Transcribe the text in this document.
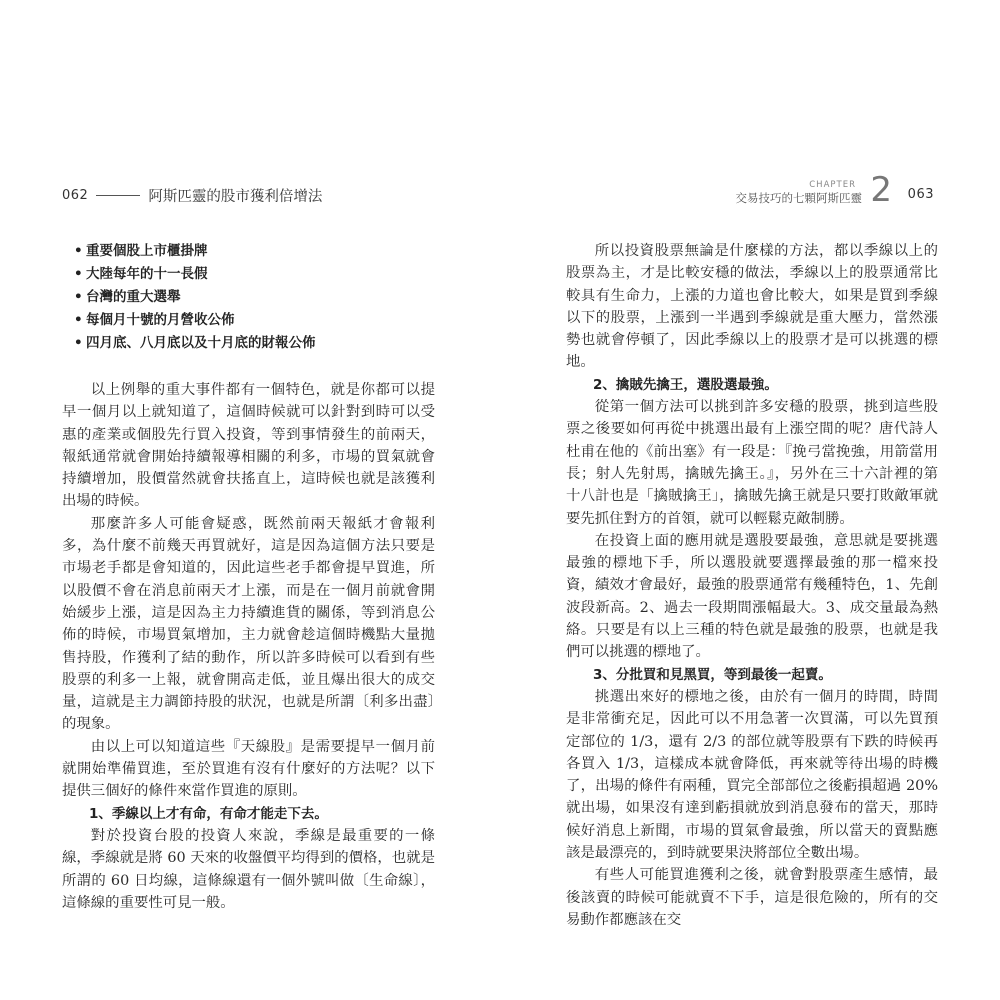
062	阿斯匹靈的股市獲利倍增法
CHAPTER
交易技巧的七顆阿斯匹靈 2 063
• 重要個股上市櫃掛牌
• 大陸每年的十一長假
• 台灣的重大選舉
• 每個月十號的月營收公佈
• 四月底、八月底以及十月底的財報公佈

以上例舉的重大事件都有一個特色，就是你都可以提早一個月以上就知道了，這個時候就可以針對到時可以受惠的產業或個股先行買入投資，等到事情發生的前兩天，報紙通常就會開始持續報導相關的利多，市場的買氣就會持續增加，股價當然就會扶搖直上，這時候也就是該獲利出場的時候。

那麼許多人可能會疑惑，既然前兩天報紙才會報利多，為什麼不前幾天再買就好，這是因為這個方法只要是市場老手都是會知道的，因此這些老手都會提早買進，所以股價不會在消息前兩天才上漲，而是在一個月前就會開始緩步上漲，這是因為主力持續進貨的關係，等到消息公佈的時候，市場買氣增加，主力就會趁這個時機點大量拋售持股，作獲利了結的動作，所以許多時候可以看到有些股票的利多一上報，就會開高走低，並且爆出很大的成交量，這就是主力調節持股的狀況，也就是所謂〔利多出盡〕的現象。

由以上可以知道這些『天線股』是需要提早一個月前就開始準備買進，至於買進有沒有什麼好的方法呢？以下提供三個好的條件來當作買進的原則。

1、季線以上才有命，有命才能走下去。

對於投資台股的投資人來說，季線是最重要的一條線，季線就是將 60 天來的收盤價平均得到的價格，也就是所謂的 60 日均線，這條線還有一個外號叫做〔生命線〕，這條線的重要性可見一般。

所以投資股票無論是什麼樣的方法，都以季線以上的股票為主，才是比較安穩的做法，季線以上的股票通常比較具有生命力，上漲的力道也會比較大，如果是買到季線以下的股票，上漲到一半遇到季線就是重大壓力，當然漲勢也就會停頓了，因此季線以上的股票才是可以挑選的標地。

2、擒賊先擒王，選股選最強。

從第一個方法可以挑到許多安穩的股票，挑到這些股票之後要如何再從中挑選出最有上漲空間的呢？唐代詩人杜甫在他的《前出塞》有一段是：『挽弓當挽強，用箭當用長；射人先射馬，擒賊先擒王。』，另外在三十六計裡的第十八計也是「擒賊擒王」，擒賊先擒王就是只要打敗敵軍就要先抓住對方的首領，就可以輕鬆克敵制勝。

在投資上面的應用就是選股要最強，意思就是要挑選最強的標地下手，所以選股就要選擇最強的那一檔來投資，績效才會最好，最強的股票通常有幾種特色，1、先創波段新高。2、過去一段期間漲幅最大。3、成交量最為熱絡。只要是有以上三種的特色就是最強的股票，也就是我們可以挑選的標地了。

3、分批買和見黑買，等到最後一起賣。

挑選出來好的標地之後，由於有一個月的時間，時間是非常衝充足，因此可以不用急著一次買滿，可以先買預定部位的 1/3，還有 2/3 的部位就等股票有下跌的時候再各買入 1/3，這樣成本就會降低，再來就等待出場的時機了，出場的條件有兩種，買完全部部位之後虧損超過 20% 就出場，如果沒有達到虧損就放到消息發布的當天，那時候好消息上新聞，市場的買氣會最強，所以當天的賣點應該是最漂亮的，到時就要果決將部位全數出場。

有些人可能買進獲利之後，就會對股票產生感情，最後該賣的時候可能就賣不下手，這是很危險的，所有的交易動作都應該在交
